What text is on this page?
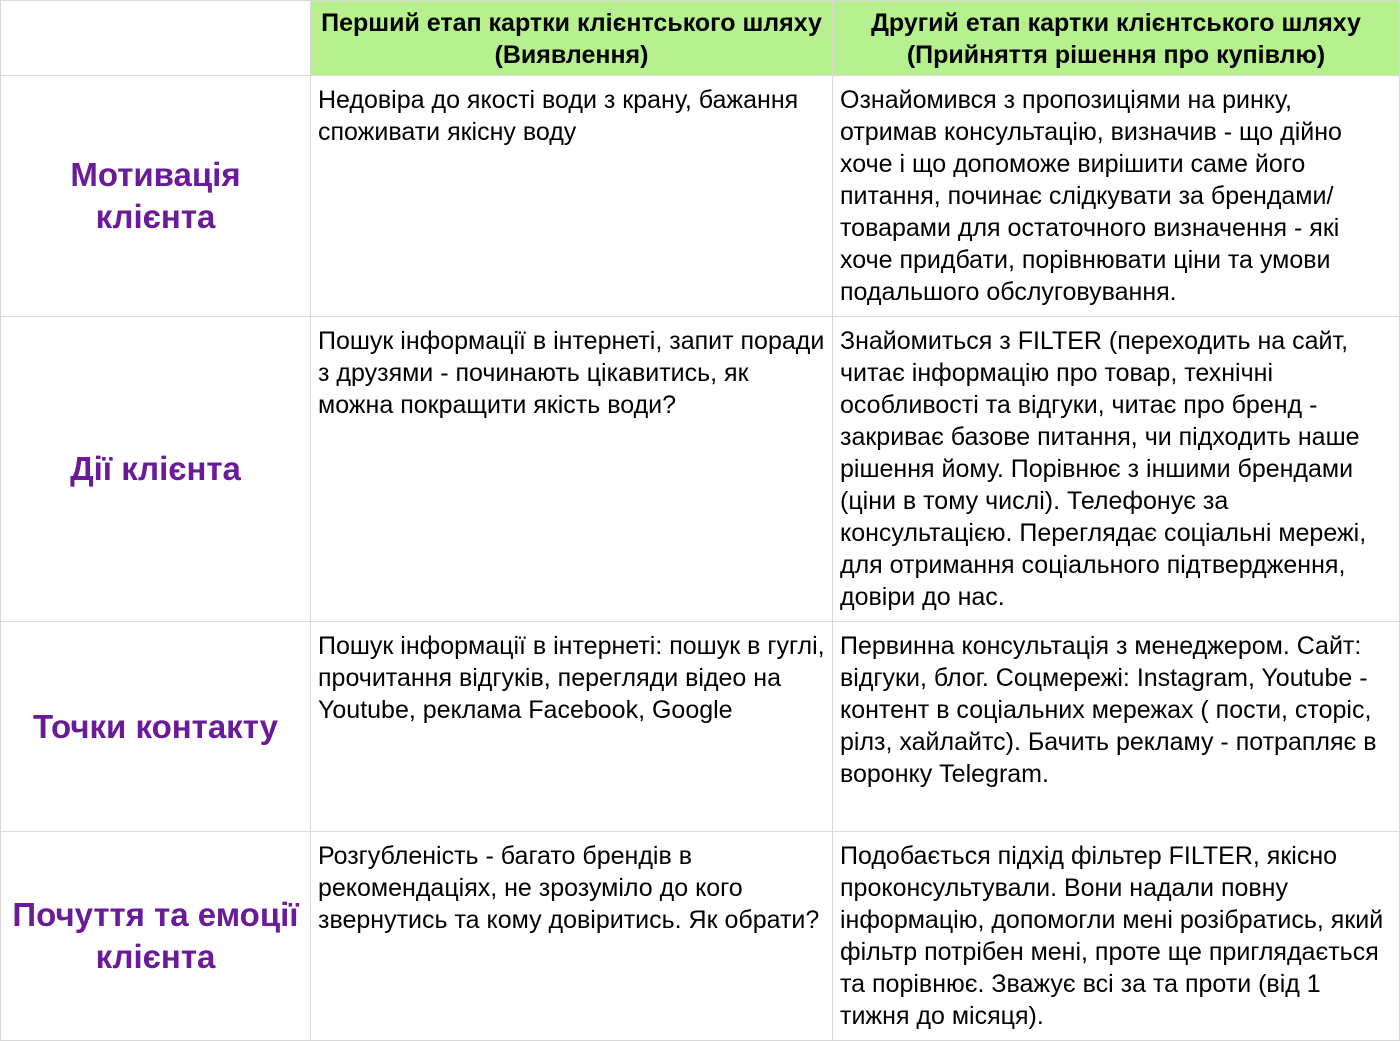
	Перший етап картки клієнтського шляху (Виявлення)	Другий етап картки клієнтського шляху (Прийняття рішення про купівлю)

Мотивація клієнта	Недовіра до якості води з крану, бажання споживати якісну воду	Ознайомився з пропозиціями на ринку, отримав консультацію, визначив - що дійно хоче і що допоможе вирішити саме його питання, починає слідкувати за брендами/товарами для остаточного визначення - які хоче придбати, порівнювати ціни та умови подальшого обслуговування.

Дії клієнта	Пошук інформації в інтернеті, запит поради з друзями - починають цікавитись, як можна покращити якість води?	Знайомиться з FILTER (переходить на сайт, читає інформацію про товар, технічні особливості та відгуки, читає про бренд - закриває базове питання, чи підходить наше рішення йому. Порівнює з іншими брендами (ціни в тому числі). Телефонує за консультацією. Переглядає соціальні мережі, для отримання соціального підтвердження, довіри до нас.

Точки контакту	Пошук інформації в інтернеті: пошук в гуглі, прочитання відгуків, перегляди відео на Youtube, реклама Facebook, Google	Первинна консультація з менеджером. Сайт: відгуки, блог. Соцмережі: Instagram, Youtube - контент в соціальних мережах ( пости, сторіс, рілз, хайлайтс). Бачить рекламу - потрапляє в воронку Telegram.

Почуття та емоції клієнта	Розгубленість - багато брендів в рекомендаціях, не зрозуміло до кого звернутись та кому довіритись. Як обрати?	Подобається підхід фільтер FILTER, якісно проконсультували. Вони надали повну інформацію, допомогли мені розібратись, який фільтр потрібен мені, проте ще приглядається та порівнює. Зважує всі за та проти (від 1 тижня до місяця).
